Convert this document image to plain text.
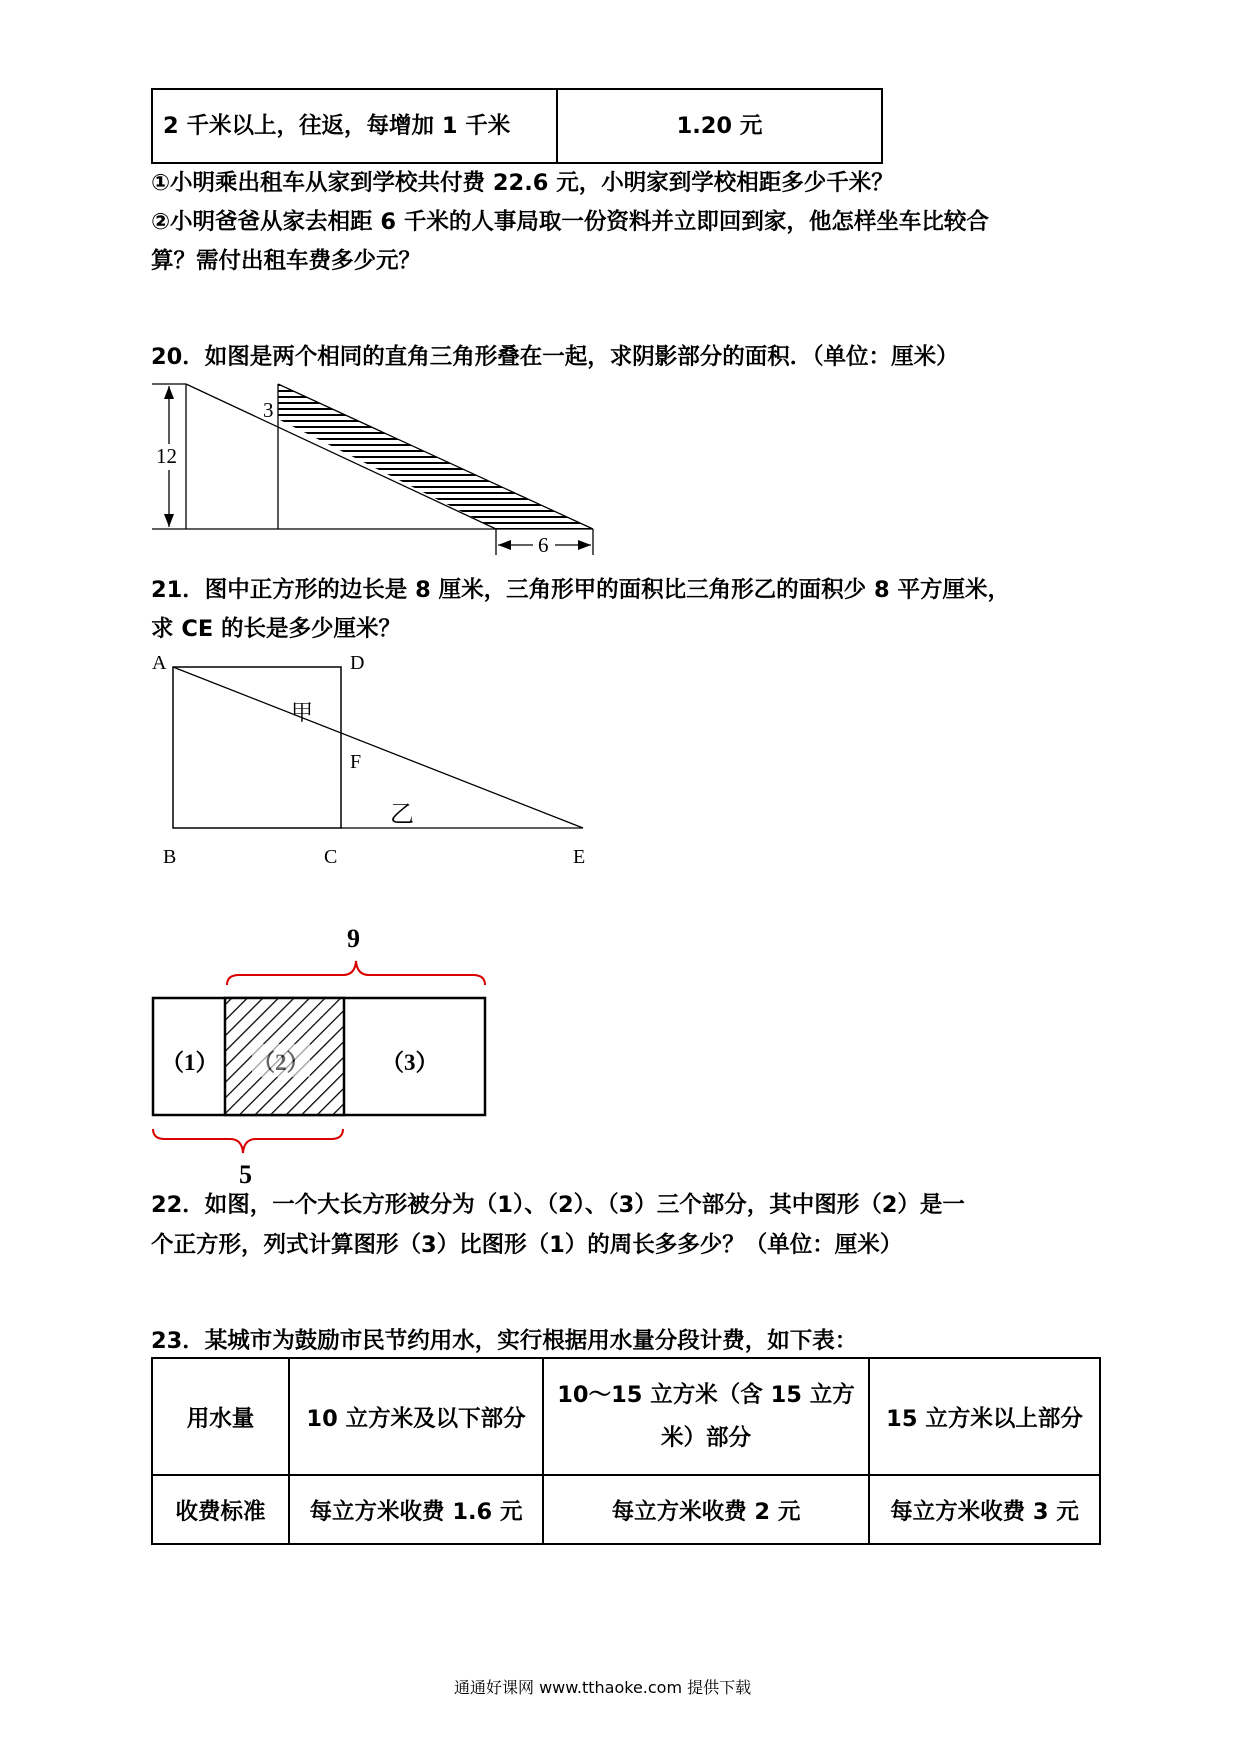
2 千米以上，往返，每增加 1 千米	1.20 元
①小明乘出租车从家到学校共付费 22.6 元，小明家到学校相距多少千米？
②小明爸爸从家去相距 6 千米的人事局取一份资料并立即回到家，他怎样坐车比较合
算？需付出租车费多少元？
20．如图是两个相同的直角三角形叠在一起，求阴影部分的面积．（单位：厘米）
12
3
6
21．图中正方形的边长是 8 厘米，三角形甲的面积比三角形乙的面积少 8 平方厘米，
求 CE 的长是多少厘米？
A	D
F
B	C	E
甲
乙
9
5
（1） （2）	（3）
22．如图，一个大长方形被分为（1）、（2）、（3）三个部分，其中图形（2）是一
个正方形，列式计算图形（3）比图形（1）的周长多多少？（单位：厘米）
23．某城市为鼓励市民节约用水，实行根据用水量分段计费，如下表：
用水量	10 立方米及以下部分	10～15 立方米（含 15 立方
米）部分	15 立方米以上部分
收费标准	每立方米收费 1.6 元	每立方米收费 2 元	每立方米收费 3 元
通通好课网 www.tthaoke.com 提供下载
